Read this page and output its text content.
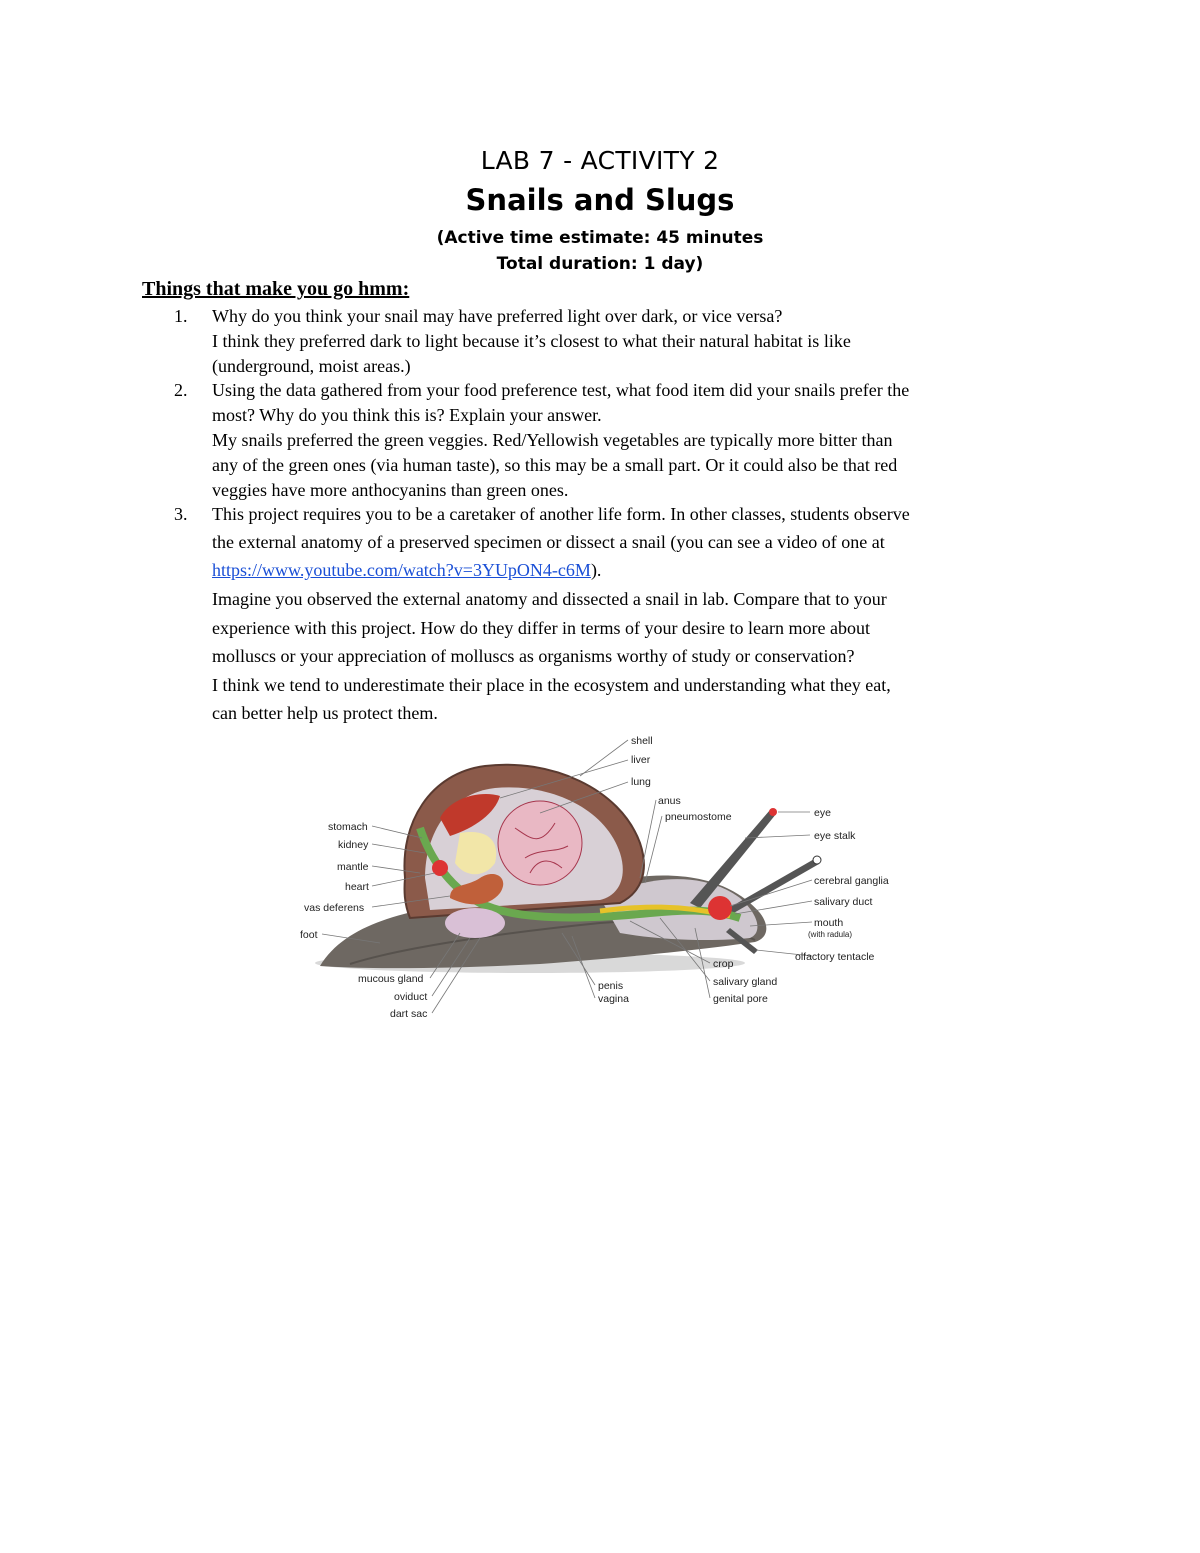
LAB 7 - ACTIVITY 2
Snails and Slugs
(Active time estimate: 45 minutes
Total duration: 1 day)
Things that make you go hmm:
1. Why do you think your snail may have preferred light over dark, or vice versa?
I think they preferred dark to light because it’s closest to what their natural habitat is like
(underground, moist areas.)
2. Using the data gathered from your food preference test, what food item did your snails prefer the
most? Why do you think this is? Explain your answer.
My snails preferred the green veggies. Red/Yellowish vegetables are typically more bitter than
any of the green ones (via human taste), so this may be a small part. Or it could also be that red
veggies have more anthocyanins than green ones.
3. This project requires you to be a caretaker of another life form. In other classes, students observe
the external anatomy of a preserved specimen or dissect a snail (you can see a video of one at
https://www.youtube.com/watch?v=3YUpON4-c6M).
Imagine you observed the external anatomy and dissected a snail in lab. Compare that to your
experience with this project. How do they differ in terms of your desire to learn more about
molluscs or your appreciation of molluscs as organisms worthy of study or conservation?
I think we tend to underestimate their place in the ecosystem and understanding what they eat,
can better help us protect them.
shell
liver
lung
anus
pneumostome	eye
eye stalk
cerebral ganglia
salivary duct
mouth
(with radula)
olfactory tentacle
stomach
kidney
mantle
heart
vas deferens
foot
mucous gland
oviduct
dart sac
penis
vagina
crop
salivary gland
genital pore
